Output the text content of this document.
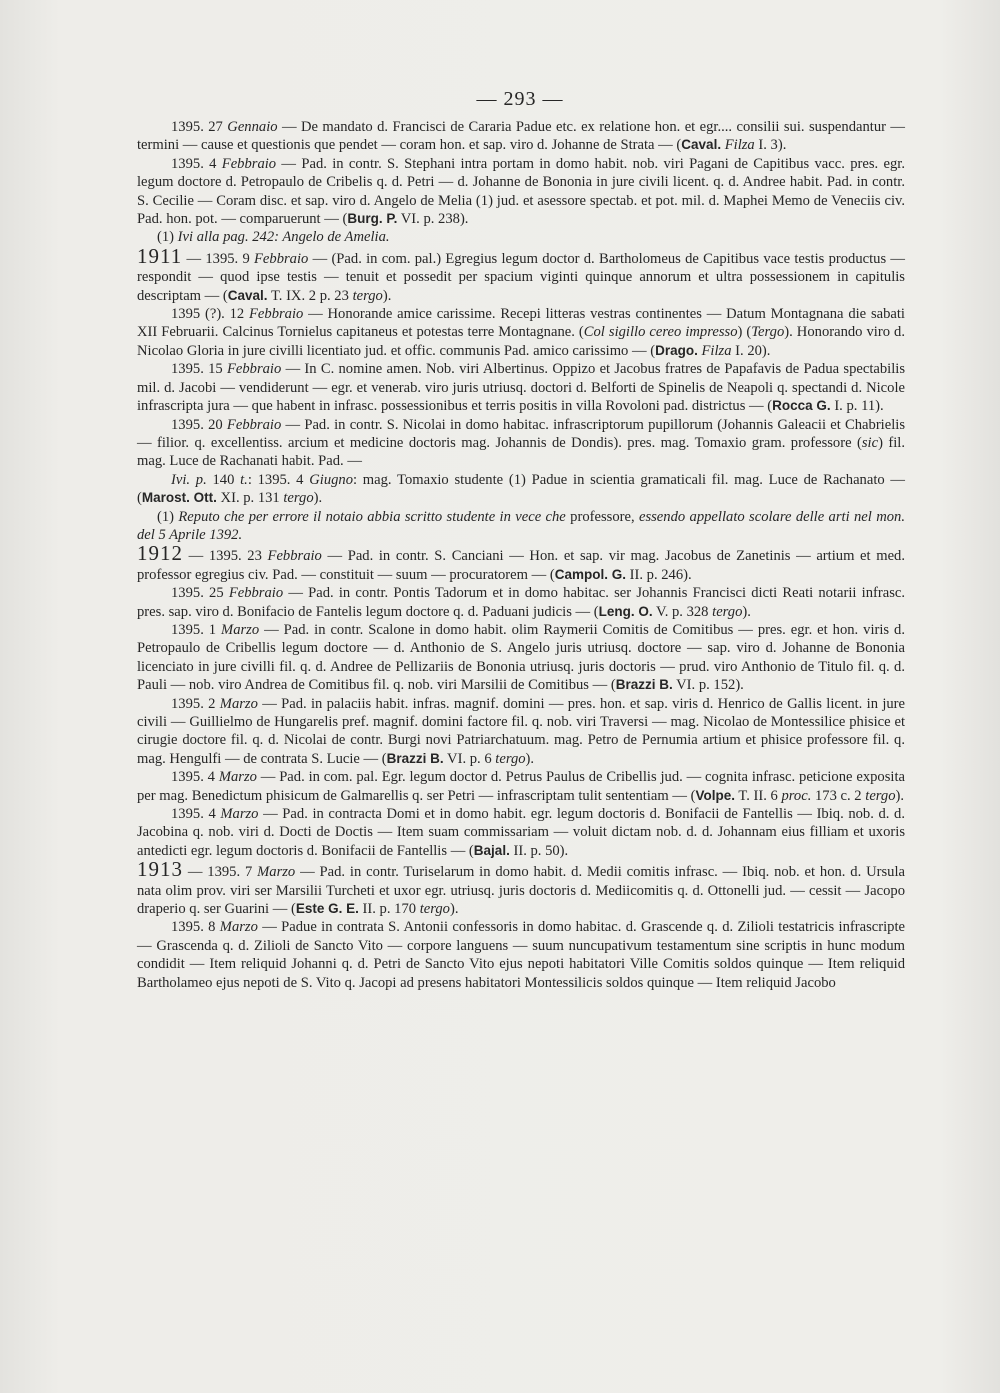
— 293 —

1395. 27 Gennaio — De mandato d. Francisci de Cararia Padue etc. ex relatione hon. et egr.... consilii sui. suspendantur — termini — cause et questionis que pendet — coram hon. et sap. viro d. Johanne de Strata — (Caval. Filza I. 3).

1395. 4 Febbraio — Pad. in contr. S. Stephani intra portam in domo habit. nob. viri Pagani de Capitibus vacc. pres. egr. legum doctore d. Petropaulo de Cribelis q. d. Petri — d. Johanne de Bononia in jure civili licent. q. d. Andree habit. Pad. in contr. S. Cecilie — Coram disc. et sap. viro d. Angelo de Melia (1) jud. et asessore spectab. et pot. mil. d. Maphei Memo de Veneciis civ. Pad. hon. pot. — comparuerunt — (Burg. P. VI. p. 238).

(1) Ivi alla pag. 242: Angelo de Amelia.

1911 — 1395. 9 Febbraio — (Pad. in com. pal.) Egregius legum doctor d. Bartholomeus de Capitibus vace testis productus — respondit — quod ipse testis — tenuit et possedit per spacium viginti quinque annorum et ultra possessionem in capitulis descriptam — (Caval. T. IX. 2 p. 23 tergo).

1395 (?). 12 Febbraio — Honorande amice carissime. Recepi litteras vestras continentes — Datum Montagnana die sabati XII Februarii. Calcinus Tornielus capitaneus et potestas terre Montagnane. (Col sigillo cereo impresso) (Tergo). Honorando viro d. Nicolao Gloria in jure civilli licentiato jud. et offic. communis Pad. amico carissimo — (Drago. Filza I. 20).

1395. 15 Febbraio — In C. nomine amen. Nob. viri Albertinus. Oppizo et Jacobus fratres de Papafavis de Padua spectabilis mil. d. Jacobi — vendiderunt — egr. et venerab. viro juris utriusq. doctori d. Belforti de Spinelis de Neapoli q. spectandi d. Nicole infrascripta jura — que habent in infrasc. possessionibus et terris positis in villa Rovoloni pad. districtus — (Rocca G. I. p. 11).

1395. 20 Febbraio — Pad. in contr. S. Nicolai in domo habitac. infrascriptorum pupillorum (Johannis Galeacii et Chabrielis — filior. q. excellentiss. arcium et medicine doctoris mag. Johannis de Dondis). pres. mag. Tomaxio gram. professore (sic) fil. mag. Luce de Rachanati habit. Pad. —

Ivi. p. 140 t.: 1395. 4 Giugno: mag. Tomaxio studente (1) Padue in scientia gramaticali fil. mag. Luce de Rachanato — (Marost. Ott. XI. p. 131 tergo).

(1) Reputo che per errore il notaio abbia scritto studente in vece che professore, essendo appellato scolare delle arti nel mon. del 5 Aprile 1392.

1912 — 1395. 23 Febbraio — Pad. in contr. S. Canciani — Hon. et sap. vir mag. Jacobus de Zanetinis — artium et med. professor egregius civ. Pad. — constituit — suum — procuratorem — (Campol. G. II. p. 246).

1395. 25 Febbraio — Pad. in contr. Pontis Tadorum et in domo habitac. ser Johannis Francisci dicti Reati notarii infrasc. pres. sap. viro d. Bonifacio de Fantelis legum doctore q. d. Paduani judicis — (Leng. O. V. p. 328 tergo).

1395. 1 Marzo — Pad. in contr. Scalone in domo habit. olim Raymerii Comitis de Comitibus — pres. egr. et hon. viris d. Petropaulo de Cribellis legum doctore — d. Anthonio de S. Angelo juris utriusq. doctore — sap. viro d. Johanne de Bononia licenciato in jure civilli fil. q. d. Andree de Pellizariis de Bononia utriusq. juris doctoris — prud. viro Anthonio de Titulo fil. q. d. Pauli — nob. viro Andrea de Comitibus fil. q. nob. viri Marsilii de Comitibus — (Brazzi B. VI. p. 152).

1395. 2 Marzo — Pad. in palaciis habit. infras. magnif. domini — pres. hon. et sap. viris d. Henrico de Gallis licent. in jure civili — Guillielmo de Hungarelis pref. magnif. domini factore fil. q. nob. viri Traversi — mag. Nicolao de Montessilice phisice et cirugie doctore fil. q. d. Nicolai de contr. Burgi novi Patriarchatuum. mag. Petro de Pernumia artium et phisice professore fil. q. mag. Hengulfi — de contrata S. Lucie — (Brazzi B. VI. p. 6 tergo).

1395. 4 Marzo — Pad. in com. pal. Egr. legum doctor d. Petrus Paulus de Cribellis jud. — cognita infrasc. peticione exposita per mag. Benedictum phisicum de Galmarellis q. ser Petri — infrascriptam tulit sententiam — (Volpe. T. II. 6 proc. 173 c. 2 tergo).

1395. 4 Marzo — Pad. in contracta Domi et in domo habit. egr. legum doctoris d. Bonifacii de Fantellis — Ibiq. nob. d. d. Jacobina q. nob. viri d. Docti de Doctis — Item suam commissariam — voluit dictam nob. d. d. Johannam eius filliam et uxoris antedicti egr. legum doctoris d. Bonifacii de Fantellis — (Bajal. II. p. 50).

1913 — 1395. 7 Marzo — Pad. in contr. Turiselarum in domo habit. d. Medii comitis infrasc. — Ibiq. nob. et hon. d. Ursula nata olim prov. viri ser Marsilii Turcheti et uxor egr. utriusq. juris doctoris d. Mediicomitis q. d. Ottonelli jud. — cessit — Jacopo draperio q. ser Guarini — (Este G. E. II. p. 170 tergo).

1395. 8 Marzo — Padue in contrata S. Antonii confessoris in domo habitac. d. Grascende q. d. Zilioli testatricis infrascripte — Grascenda q. d. Zilioli de Sancto Vito — corpore languens — suum nuncupativum testamentum sine scriptis in hunc modum condidit — Item reliquid Johanni q. d. Petri de Sancto Vito ejus nepoti habitatori Ville Comitis soldos quinque — Item reliquid Bartholameo ejus nepoti de S. Vito q. Jacopi ad presens habitatori Montessilicis soldos quinque — Item reliquid Jacobo
